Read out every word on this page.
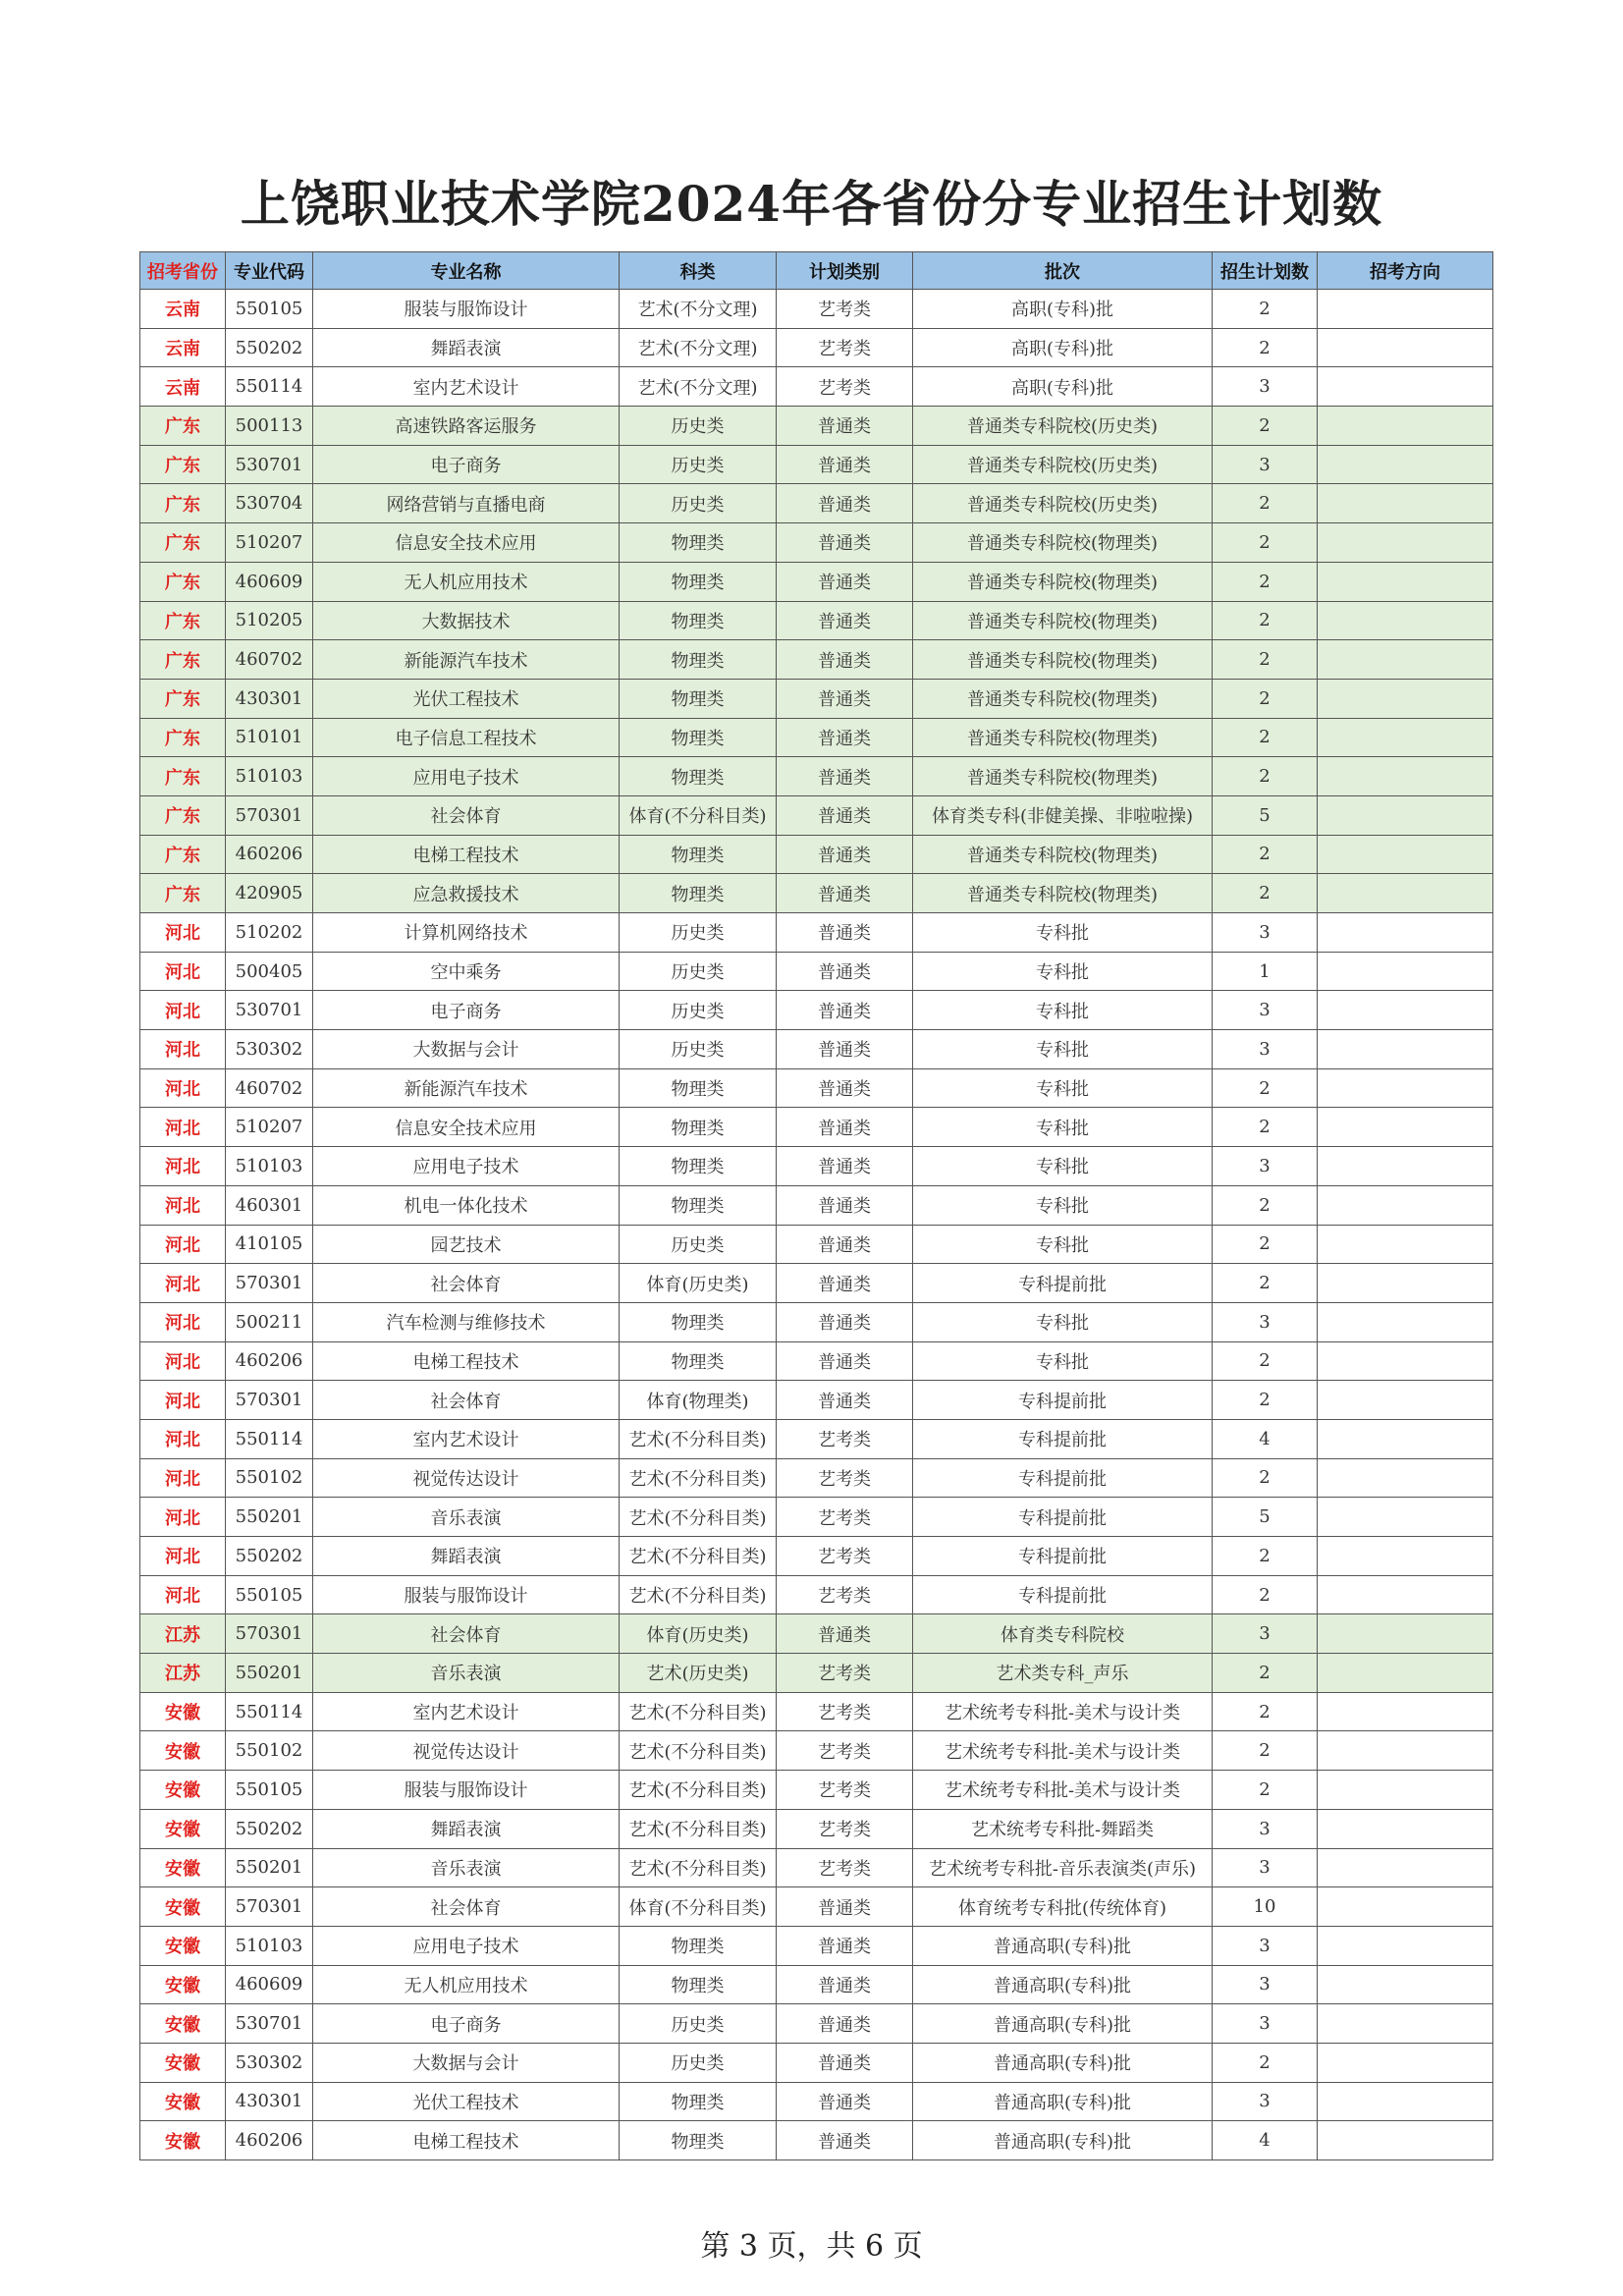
上饶职业技术学院2024年各省份分专业招生计划数
招考省份	专业代码	专业名称	科类	计划类别	批次	招生计划数	招考方向
云南	550105	服装与服饰设计	艺术(不分文理)	艺考类	高职(专科)批	2	
云南	550202	舞蹈表演	艺术(不分文理)	艺考类	高职(专科)批	2	
云南	550114	室内艺术设计	艺术(不分文理)	艺考类	高职(专科)批	3	
广东	500113	高速铁路客运服务	历史类	普通类	普通类专科院校(历史类)	2	
广东	530701	电子商务	历史类	普通类	普通类专科院校(历史类)	3	
广东	530704	网络营销与直播电商	历史类	普通类	普通类专科院校(历史类)	2	
广东	510207	信息安全技术应用	物理类	普通类	普通类专科院校(物理类)	2	
广东	460609	无人机应用技术	物理类	普通类	普通类专科院校(物理类)	2	
广东	510205	大数据技术	物理类	普通类	普通类专科院校(物理类)	2	
广东	460702	新能源汽车技术	物理类	普通类	普通类专科院校(物理类)	2	
广东	430301	光伏工程技术	物理类	普通类	普通类专科院校(物理类)	2	
广东	510101	电子信息工程技术	物理类	普通类	普通类专科院校(物理类)	2	
广东	510103	应用电子技术	物理类	普通类	普通类专科院校(物理类)	2	
广东	570301	社会体育	体育(不分科目类)	普通类	体育类专科(非健美操、非啦啦操)	5	
广东	460206	电梯工程技术	物理类	普通类	普通类专科院校(物理类)	2	
广东	420905	应急救援技术	物理类	普通类	普通类专科院校(物理类)	2	
河北	510202	计算机网络技术	历史类	普通类	专科批	3	
河北	500405	空中乘务	历史类	普通类	专科批	1	
河北	530701	电子商务	历史类	普通类	专科批	3	
河北	530302	大数据与会计	历史类	普通类	专科批	3	
河北	460702	新能源汽车技术	物理类	普通类	专科批	2	
河北	510207	信息安全技术应用	物理类	普通类	专科批	2	
河北	510103	应用电子技术	物理类	普通类	专科批	3	
河北	460301	机电一体化技术	物理类	普通类	专科批	2	
河北	410105	园艺技术	历史类	普通类	专科批	2	
河北	570301	社会体育	体育(历史类)	普通类	专科提前批	2	
河北	500211	汽车检测与维修技术	物理类	普通类	专科批	3	
河北	460206	电梯工程技术	物理类	普通类	专科批	2	
河北	570301	社会体育	体育(物理类)	普通类	专科提前批	2	
河北	550114	室内艺术设计	艺术(不分科目类)	艺考类	专科提前批	4	
河北	550102	视觉传达设计	艺术(不分科目类)	艺考类	专科提前批	2	
河北	550201	音乐表演	艺术(不分科目类)	艺考类	专科提前批	5	
河北	550202	舞蹈表演	艺术(不分科目类)	艺考类	专科提前批	2	
河北	550105	服装与服饰设计	艺术(不分科目类)	艺考类	专科提前批	2	
江苏	570301	社会体育	体育(历史类)	普通类	体育类专科院校	3	
江苏	550201	音乐表演	艺术(历史类)	艺考类	艺术类专科_声乐	2	
安徽	550114	室内艺术设计	艺术(不分科目类)	艺考类	艺术统考专科批-美术与设计类	2	
安徽	550102	视觉传达设计	艺术(不分科目类)	艺考类	艺术统考专科批-美术与设计类	2	
安徽	550105	服装与服饰设计	艺术(不分科目类)	艺考类	艺术统考专科批-美术与设计类	2	
安徽	550202	舞蹈表演	艺术(不分科目类)	艺考类	艺术统考专科批-舞蹈类	3	
安徽	550201	音乐表演	艺术(不分科目类)	艺考类	艺术统考专科批-音乐表演类(声乐)	3	
安徽	570301	社会体育	体育(不分科目类)	普通类	体育统考专科批(传统体育)	10	
安徽	510103	应用电子技术	物理类	普通类	普通高职(专科)批	3	
安徽	460609	无人机应用技术	物理类	普通类	普通高职(专科)批	3	
安徽	530701	电子商务	历史类	普通类	普通高职(专科)批	3	
安徽	530302	大数据与会计	历史类	普通类	普通高职(专科)批	2	
安徽	430301	光伏工程技术	物理类	普通类	普通高职(专科)批	3	
安徽	460206	电梯工程技术	物理类	普通类	普通高职(专科)批	4	
第 3 页，共 6 页
